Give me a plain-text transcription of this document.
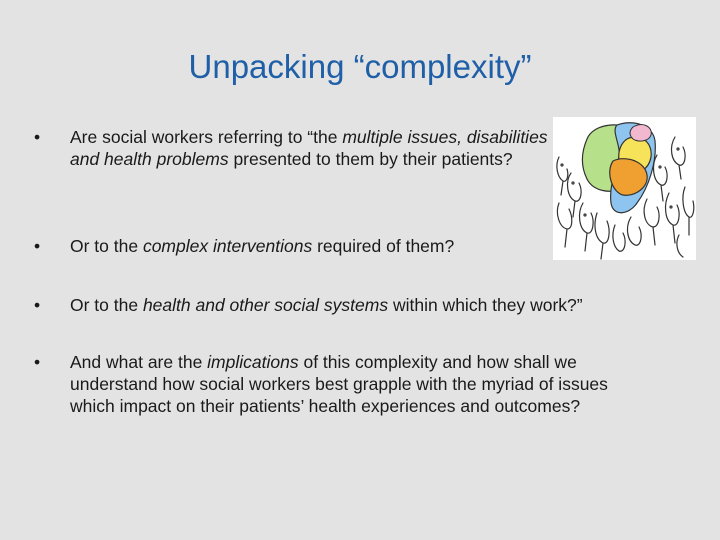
Unpacking “complexity”
•	Are social workers referring to “the multiple issues, disabilities and health problems presented to them by their patients?
•	Or to the complex interventions required of them?
•	Or to the health and other social systems within which they work?”
•	And what are the implications of this complexity and how shall we understand how social workers best grapple with the myriad of issues which impact on their patients’ health experiences and outcomes?
